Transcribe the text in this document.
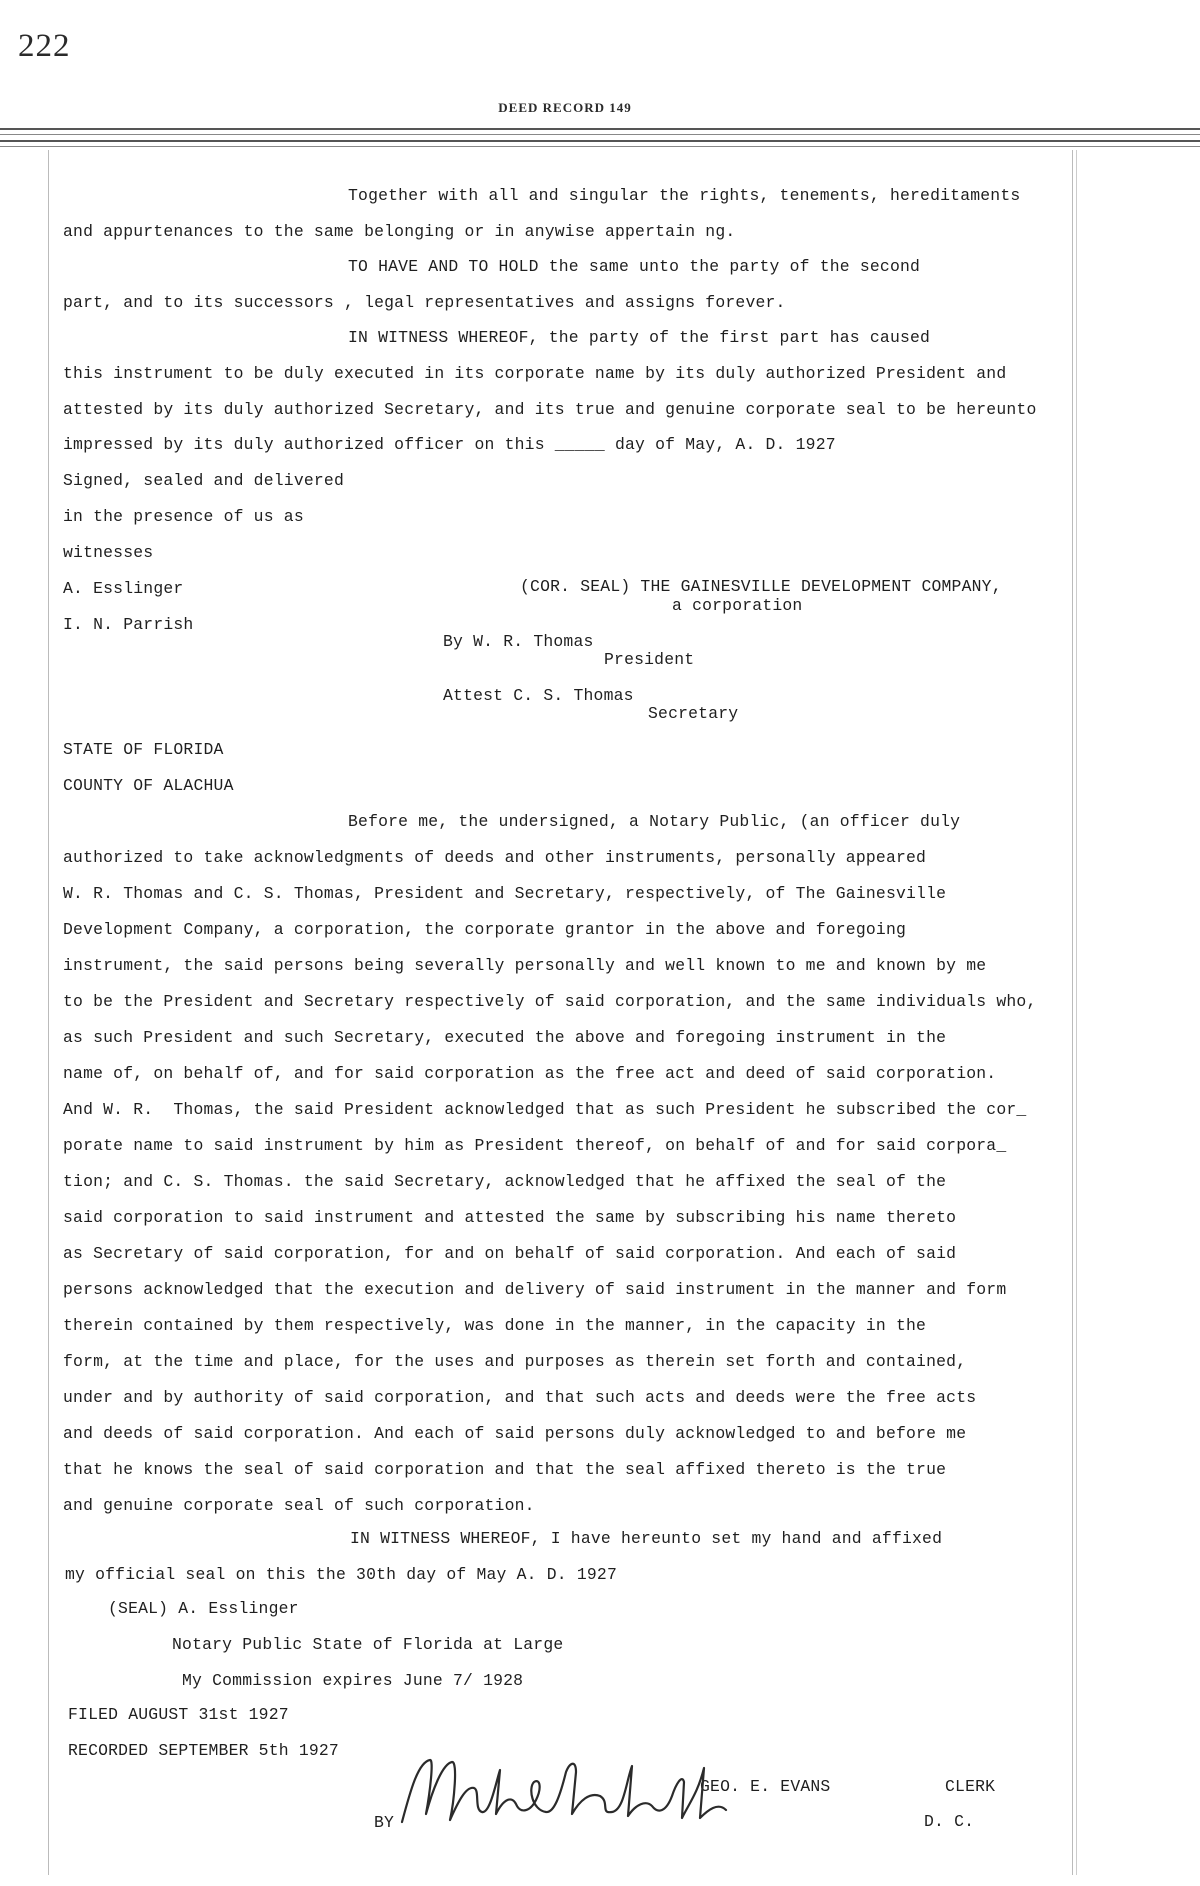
222
DEED RECORD 149
Together with all and singular the rights, tenements, hereditaments
and appurtenances to the same belonging or in anywise appertain ng.
TO HAVE AND TO HOLD the same unto the party of the second
part, and to its successors , legal representatives and assigns forever.
IN WITNESS WHEREOF, the party of the first part has caused
this instrument to be duly executed in its corporate name by its duly authorized President and
attested by its duly authorized Secretary, and its true and genuine corporate seal to be hereunto
impressed by its duly authorized officer on this _____ day of May, A. D. 1927
Signed, sealed and delivered
in the presence of us as
witnesses
A. Esslinger
I. N. Parrish
(COR. SEAL) THE GAINESVILLE DEVELOPMENT COMPANY,
a corporation
By W. R. Thomas
President
Attest C. S. Thomas
Secretary
STATE OF FLORIDA
COUNTY OF ALACHUA
Before me, the undersigned, a Notary Public, (an officer duly
authorized to take acknowledgments of deeds and other instruments, personally appeared
W. R. Thomas and C. S. Thomas, President and Secretary, respectively, of The Gainesville
Development Company, a corporation, the corporate grantor in the above and foregoing
instrument, the said persons being severally personally and well known to me and known by me
to be the President and Secretary respectively of said corporation, and the same individuals who,
as such President and such Secretary, executed the above and foregoing instrument in the
name of, on behalf of, and for said corporation as the free act and deed of said corporation.
And W. R.  Thomas, the said President acknowledged that as such President he subscribed the cor_
porate name to said instrument by him as President thereof, on behalf of and for said corpora_
tion; and C. S. Thomas. the said Secretary, acknowledged that he affixed the seal of the
said corporation to said instrument and attested the same by subscribing his name thereto
as Secretary of said corporation, for and on behalf of said corporation. And each of said
persons acknowledged that the execution and delivery of said instrument in the manner and form
therein contained by them respectively, was done in the manner, in the capacity in the
form, at the time and place, for the uses and purposes as therein set forth and contained,
under and by authority of said corporation, and that such acts and deeds were the free acts
and deeds of said corporation. And each of said persons duly acknowledged to and before me
that he knows the seal of said corporation and that the seal affixed thereto is the true
and genuine corporate seal of such corporation.
IN WITNESS WHEREOF, I have hereunto set my hand and affixed
my official seal on this the 30th day of May A. D. 1927
(SEAL) A. Esslinger
Notary Public State of Florida at Large
My Commission expires June 7/ 1928
FILED AUGUST 31st 1927
RECORDED SEPTEMBER 5th 1927
GEO. E. EVANS	CLERK
BY	D. C.
